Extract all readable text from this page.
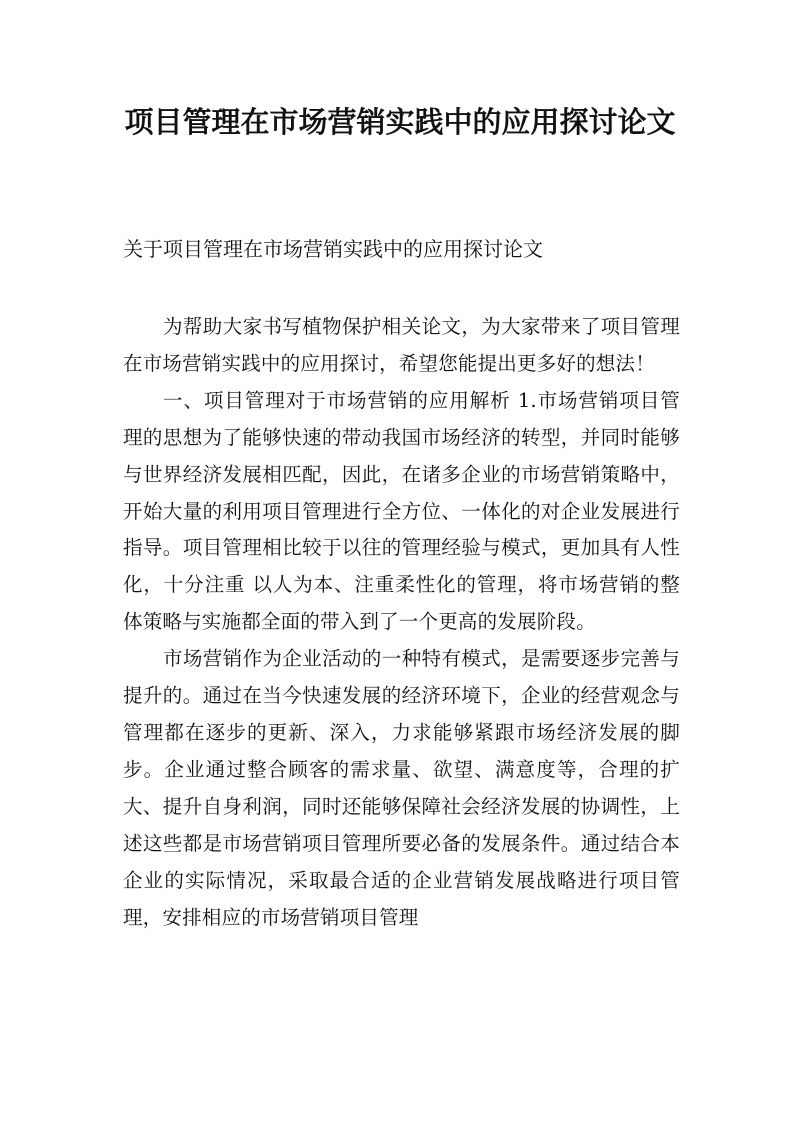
项目管理在市场营销实践中的应用探讨论文

关于项目管理在市场营销实践中的应用探讨论文

为帮助大家书写植物保护相关论文，为大家带来了项目管理在市场营销实践中的应用探讨，希望您能提出更多好的想法！

一、项目管理对于市场营销的应用解析 1.市场营销项目管理的思想为了能够快速的带动我国市场经济的转型，并同时能够与世界经济发展相匹配，因此，在诸多企业的市场营销策略中，开始大量的利用项目管理进行全方位、一体化的对企业发展进行指导。项目管理相比较于以往的管理经验与模式，更加具有人性化，十分注重 以人为本、注重柔性化的管理，将市场营销的整体策略与实施都全面的带入到了一个更高的发展阶段。

市场营销作为企业活动的一种特有模式，是需要逐步完善与提升的。通过在当今快速发展的经济环境下，企业的经营观念与管理都在逐步的更新、深入，力求能够紧跟市场经济发展的脚步。企业通过整合顾客的需求量、欲望、满意度等，合理的扩大、提升自身利润，同时还能够保障社会经济发展的协调性，上述这些都是市场营销项目管理所要必备的发展条件。通过结合本企业的实际情况，采取最合适的企业营销发展战略进行项目管理，安排相应的市场营销项目管理
